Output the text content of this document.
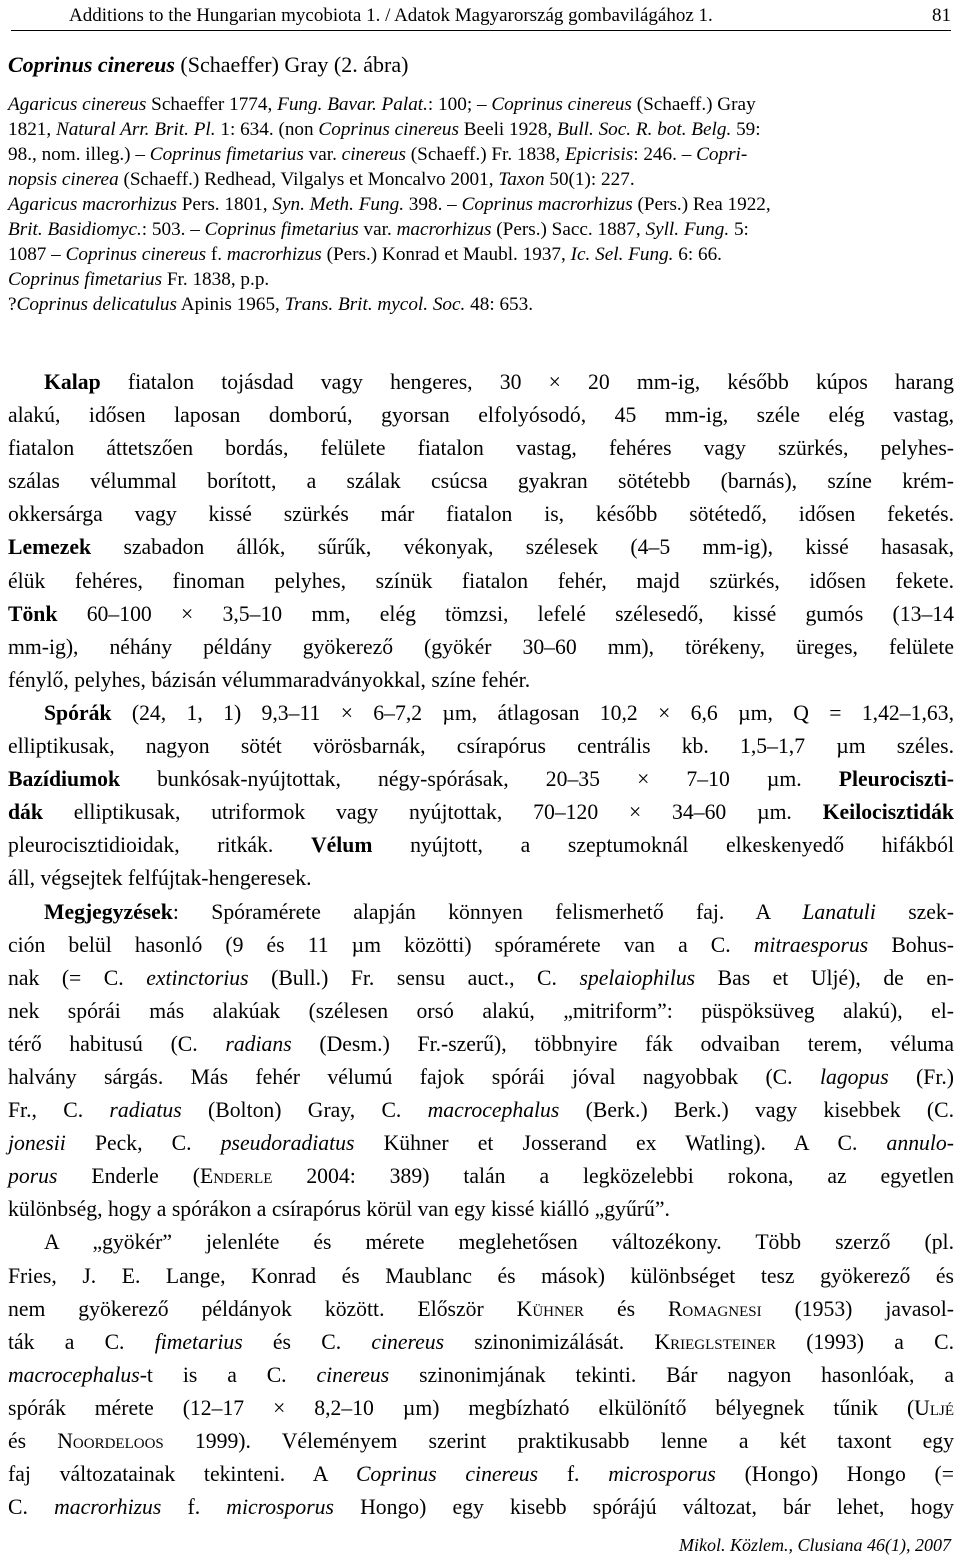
Additions to the Hungarian mycobiota 1. / Adatok Magyarország gombavilágához 1.	81
Coprinus cinereus (Schaeffer) Gray (2. ábra)
Agaricus cinereus Schaeffer 1774, Fung. Bavar. Palat.: 100; – Coprinus cinereus (Schaeff.) Gray
1821, Natural Arr. Brit. Pl. 1: 634. (non Coprinus cinereus Beeli 1928, Bull. Soc. R. bot. Belg. 59:
98., nom. illeg.) – Coprinus fimetarius var. cinereus (Schaeff.) Fr. 1838, Epicrisis: 246. – Copri-
nopsis cinerea (Schaeff.) Redhead, Vilgalys et Moncalvo 2001, Taxon 50(1): 227.
Agaricus macrorhizus Pers. 1801, Syn. Meth. Fung. 398. – Coprinus macrorhizus (Pers.) Rea 1922,
Brit. Basidiomyc.: 503. – Coprinus fimetarius var. macrorhizus (Pers.) Sacc. 1887, Syll. Fung. 5:
1087 – Coprinus cinereus f. macrorhizus (Pers.) Konrad et Maubl. 1937, Ic. Sel. Fung. 6: 66.
Coprinus fimetarius Fr. 1838, p.p.
?Coprinus delicatulus Apinis 1965, Trans. Brit. mycol. Soc. 48: 653.
Kalap fiatalon tojásdad vagy hengeres, 30 × 20 mm-ig, később kúpos harang
alakú, idősen laposan domború, gyorsan elfolyósodó, 45 mm-ig, széle elég vastag,
fiatalon áttetszően bordás, felülete fiatalon vastag, fehéres vagy szürkés, pelyhes-
szálas vélummal borított, a szálak csúcsa gyakran sötétebb (barnás), színe krém-
okkersárga vagy kissé szürkés már fiatalon is, később sötétedő, idősen feketés.
Lemezek szabadon állók, sűrűk, vékonyak, szélesek (4–5 mm-ig), kissé hasasak,
élük fehéres, finoman pelyhes, színük fiatalon fehér, majd szürkés, idősen fekete.
Tönk 60–100 × 3,5–10 mm, elég tömzsi, lefelé szélesedő, kissé gumós (13–14
mm-ig), néhány példány gyökerező (gyökér 30–60 mm), törékeny, üreges, felülete
fénylő, pelyhes, bázisán vélummaradványokkal, színe fehér.
Spórák (24, 1, 1) 9,3–11 × 6–7,2 µm, átlagosan 10,2 × 6,6 µm, Q = 1,42–1,63,
elliptikusak, nagyon sötét vörösbarnák, csírapórus centrális kb. 1,5–1,7 µm széles.
Bazídiumok bunkósak-nyújtottak, négy-spórásak, 20–35 × 7–10 µm. Pleurociszti-
dák elliptikusak, utriformok vagy nyújtottak, 70–120 × 34–60 µm. Keilocisztidák
pleurocisztidioidak, ritkák. Vélum nyújtott, a szeptumoknál elkeskenyedő hifákból
áll, végsejtek felfújtak-hengeresek.
Megjegyzések: Spóramérete alapján könnyen felismerhető faj. A Lanatuli szek-
ción belül hasonló (9 és 11 µm közötti) spóramérete van a C. mitraesporus Bohus-
nak (= C. extinctorius (Bull.) Fr. sensu auct., C. spelaiophilus Bas et Uljé), de en-
nek spórái más alakúak (szélesen orsó alakú, „mitriform”: püspöksüveg alakú), el-
térő habitusú (C. radians (Desm.) Fr.-szerű), többnyire fák odvaiban terem, véluma
halvány sárgás. Más fehér vélumú fajok spórái jóval nagyobbak (C. lagopus (Fr.)
Fr., C. radiatus (Bolton) Gray, C. macrocephalus (Berk.) Berk.) vagy kisebbek (C.
jonesii Peck, C. pseudoradiatus Kühner et Josserand ex Watling). A C. annulo-
porus Enderle (Enderle 2004: 389) talán a legközelebbi rokona, az egyetlen
különbség, hogy a spórákon a csírapórus körül van egy kissé kiálló „gyűrű”.
A „gyökér” jelenléte és mérete meglehetősen változékony. Több szerző (pl.
Fries, J. E. Lange, Konrad és Maublanc és mások) különbséget tesz gyökerező és
nem gyökerező példányok között. Először Kühner és Romagnesi (1953) javasol-
ták a C. fimetarius és C. cinereus szinonimizálását. Krieglsteiner (1993) a C.
macrocephalus-t is a C. cinereus szinonimjának tekinti. Bár nagyon hasonlóak, a
spórák mérete (12–17 × 8,2–10 µm) megbízható elkülönítő bélyegnek tűnik (Uljé
és Noordeloos 1999). Véleményem szerint praktikusabb lenne a két taxont egy
faj változatainak tekinteni. A Coprinus cinereus f. microsporus (Hongo) Hongo (=
C. macrorhizus f. microsporus Hongo) egy kisebb spórájú változat, bár lehet, hogy
Mikol. Közlem., Clusiana 46(1), 2007
